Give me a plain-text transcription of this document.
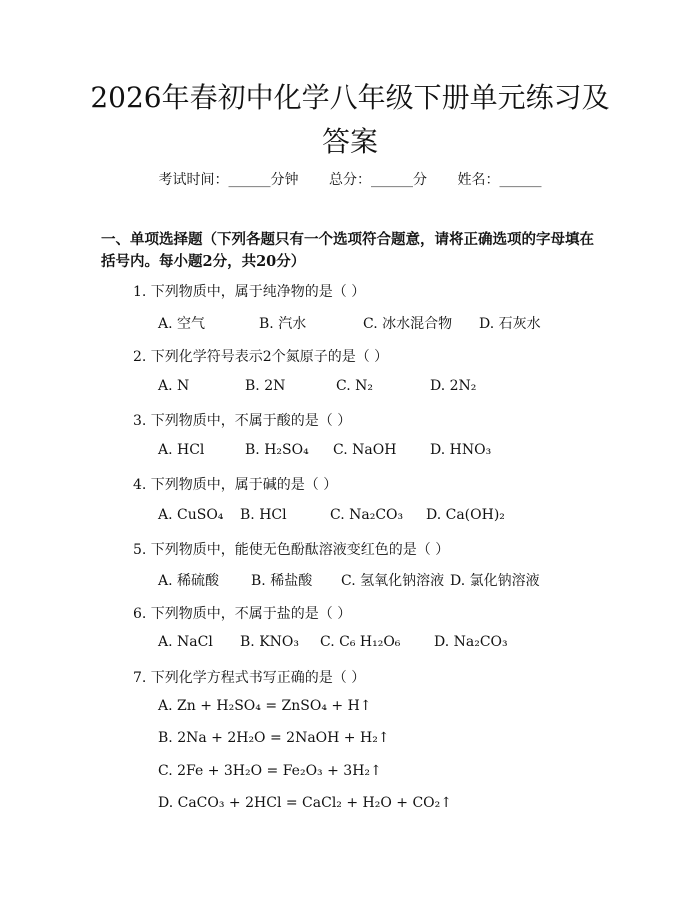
2026年春初中化学八年级下册单元练习及答案
考试时间：______分钟 总分：______分 姓名：______
一、单项选择题（下列各题只有一个选项符合题意，请将正确选项的字母填在括号内。每小题2分，共20分）
1. 下列物质中，属于纯净物的是（ ）
A. 空气	B. 汽水	C. 冰水混合物 D. 石灰水
2. 下列化学符号表示2个氮原子的是（ ）
A. N	B. 2N	C. N₂	D. 2N₂
3. 下列物质中，不属于酸的是（ ）
A. HCl	B. H₂SO₄ C. NaOH D. HNO₃
4. 下列物质中，属于碱的是（ ）
A. CuSO₄ B. HCl	C. Na₂CO₃ D. Ca(OH)₂
5. 下列物质中，能使无色酚酞溶液变红色的是（ ）
A. 稀硫酸 B. 稀盐酸 C. 氢氧化钠溶液 D. 氯化钠溶液
6. 下列物质中，不属于盐的是（ ）
A. NaCl B. KNO₃ C. C₆ H₁₂O₆ D. Na₂CO₃
7. 下列化学方程式书写正确的是（ ）
A. Zn + H₂SO₄ = ZnSO₄ + H↑
B. 2Na + 2H₂O = 2NaOH + H₂↑
C. 2Fe + 3H₂O = Fe₂O₃ + 3H₂↑
D. CaCO₃ + 2HCl = CaCl₂ + H₂O + CO₂↑
